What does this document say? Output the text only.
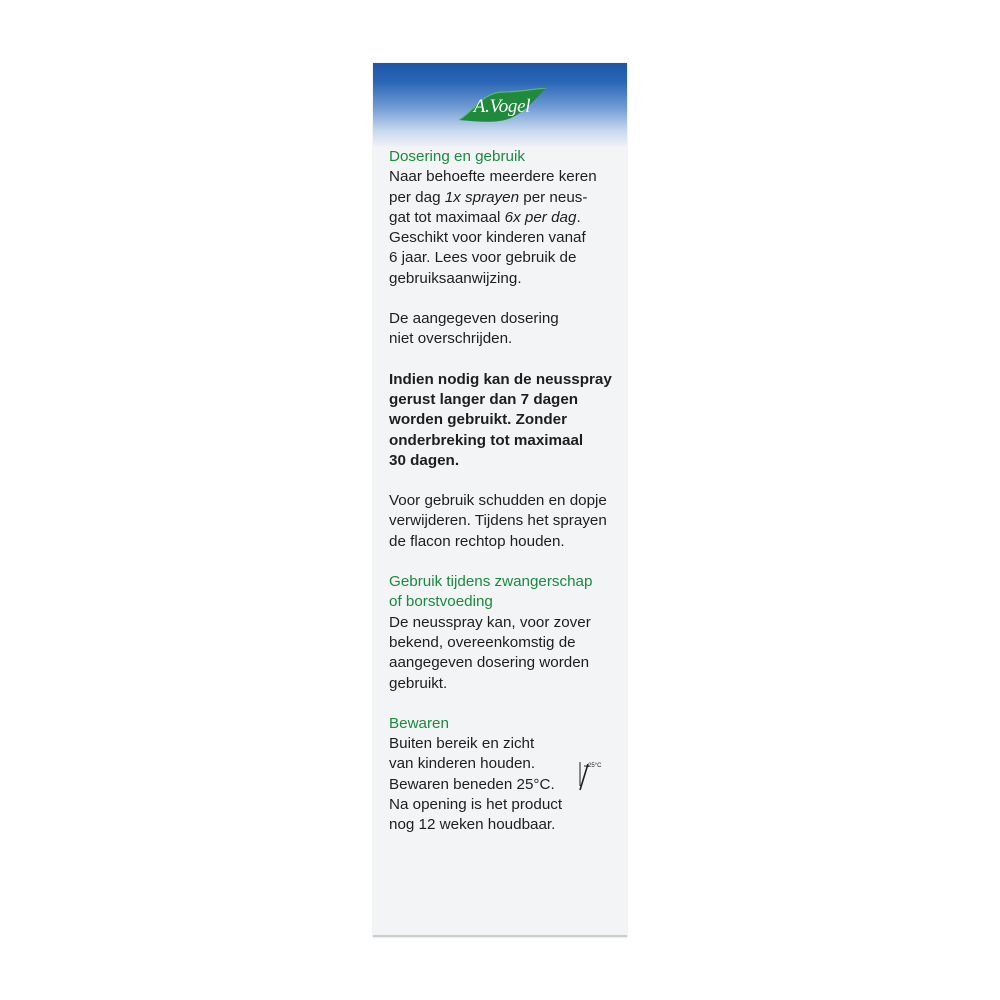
A.Vogel

Dosering en gebruik

Naar behoefte meerdere keren

per dag 1x sprayen per neus-

gat tot maximaal 6x per dag.

Geschikt voor kinderen vanaf

6 jaar. Lees voor gebruik de

gebruiksaanwijzing.

De aangegeven dosering

niet overschrijden.

Indien nodig kan de neusspray

gerust langer dan 7 dagen

worden gebruikt. Zonder

onderbreking tot maximaal

30 dagen.

Voor gebruik schudden en dopje

verwijderen. Tijdens het sprayen

de flacon rechtop houden.

Gebruik tijdens zwangerschap

of borstvoeding

De neusspray kan, voor zover

bekend, overeenkomstig de

aangegeven dosering worden

gebruikt.

Bewaren

Buiten bereik en zicht

van kinderen houden.

Bewaren beneden 25°C.

Na opening is het product

nog 12 weken houdbaar.

25°C
